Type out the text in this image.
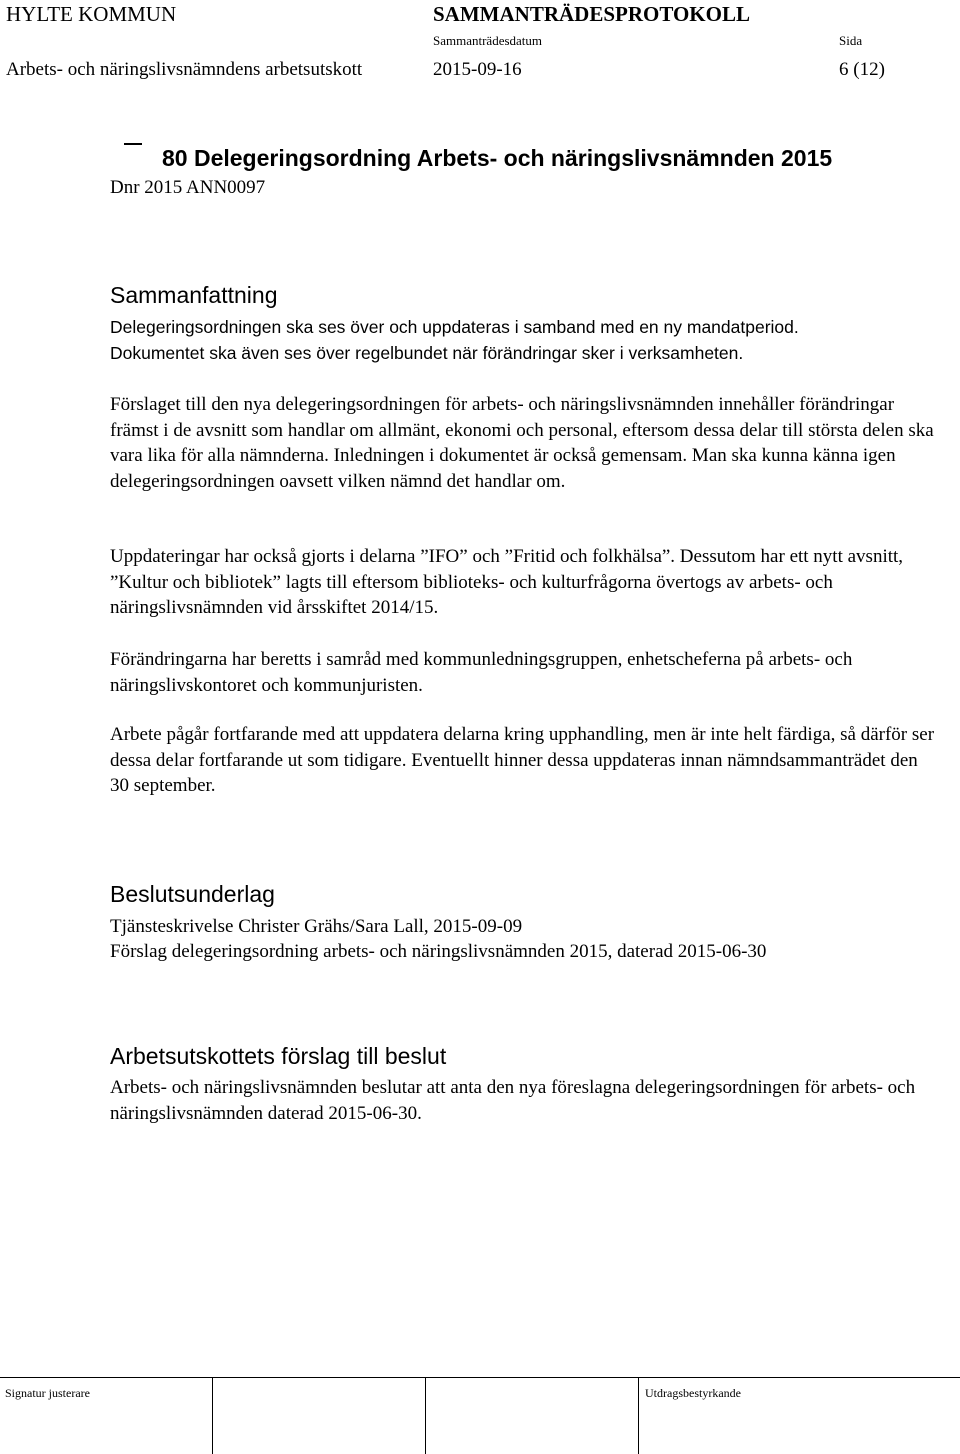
HYLTE KOMMUN	SAMMANTRÄDESPROTOKOLL
Sammanträdesdatum	Sida
Arbets- och näringslivsnämndens arbetsutskott	2015-09-16	6 (12)
80 Delegeringsordning Arbets- och näringslivsnämnden 2015
Dnr 2015 ANN0097
Sammanfattning

Delegeringsordningen ska ses över och uppdateras i samband med en ny mandatperiod.

Dokumentet ska även ses över regelbundet när förändringar sker i verksamheten.

Förslaget till den nya delegeringsordningen för arbets- och näringslivsnämnden innehåller förändringar främst i de avsnitt som handlar om allmänt, ekonomi och personal, eftersom dessa delar till största delen ska vara lika för alla nämnderna. Inledningen i dokumentet är också gemensam. Man ska kunna känna igen delegeringsordningen oavsett vilken nämnd det handlar om.
Uppdateringar har också gjorts i delarna ”IFO” och ”Fritid och folkhälsa”. Dessutom har ett nytt avsnitt, ”Kultur och bibliotek” lagts till eftersom biblioteks- och kulturfrågorna övertogs av arbets- och näringslivsnämnden vid årsskiftet 2014/15.
Förändringarna har beretts i samråd med kommunledningsgruppen, enhetscheferna på arbets- och näringslivskontoret och kommunjuristen.
Arbete pågår fortfarande med att uppdatera delarna kring upphandling, men är inte helt färdiga, så därför ser dessa delar fortfarande ut som tidigare. Eventuellt hinner dessa uppdateras innan nämndsammanträdet den 30 september.
Beslutsunderlag
Tjänsteskrivelse Christer Grähs/Sara Lall, 2015-09-09
Förslag delegeringsordning arbets- och näringslivsnämnden 2015, daterad 2015-06-30
Arbetsutskottets förslag till beslut
Arbets- och näringslivsnämnden beslutar att anta den nya föreslagna delegeringsordningen för arbets- och näringslivsnämnden daterad 2015-06-30.
Signatur justerare	Utdragsbestyrkande
